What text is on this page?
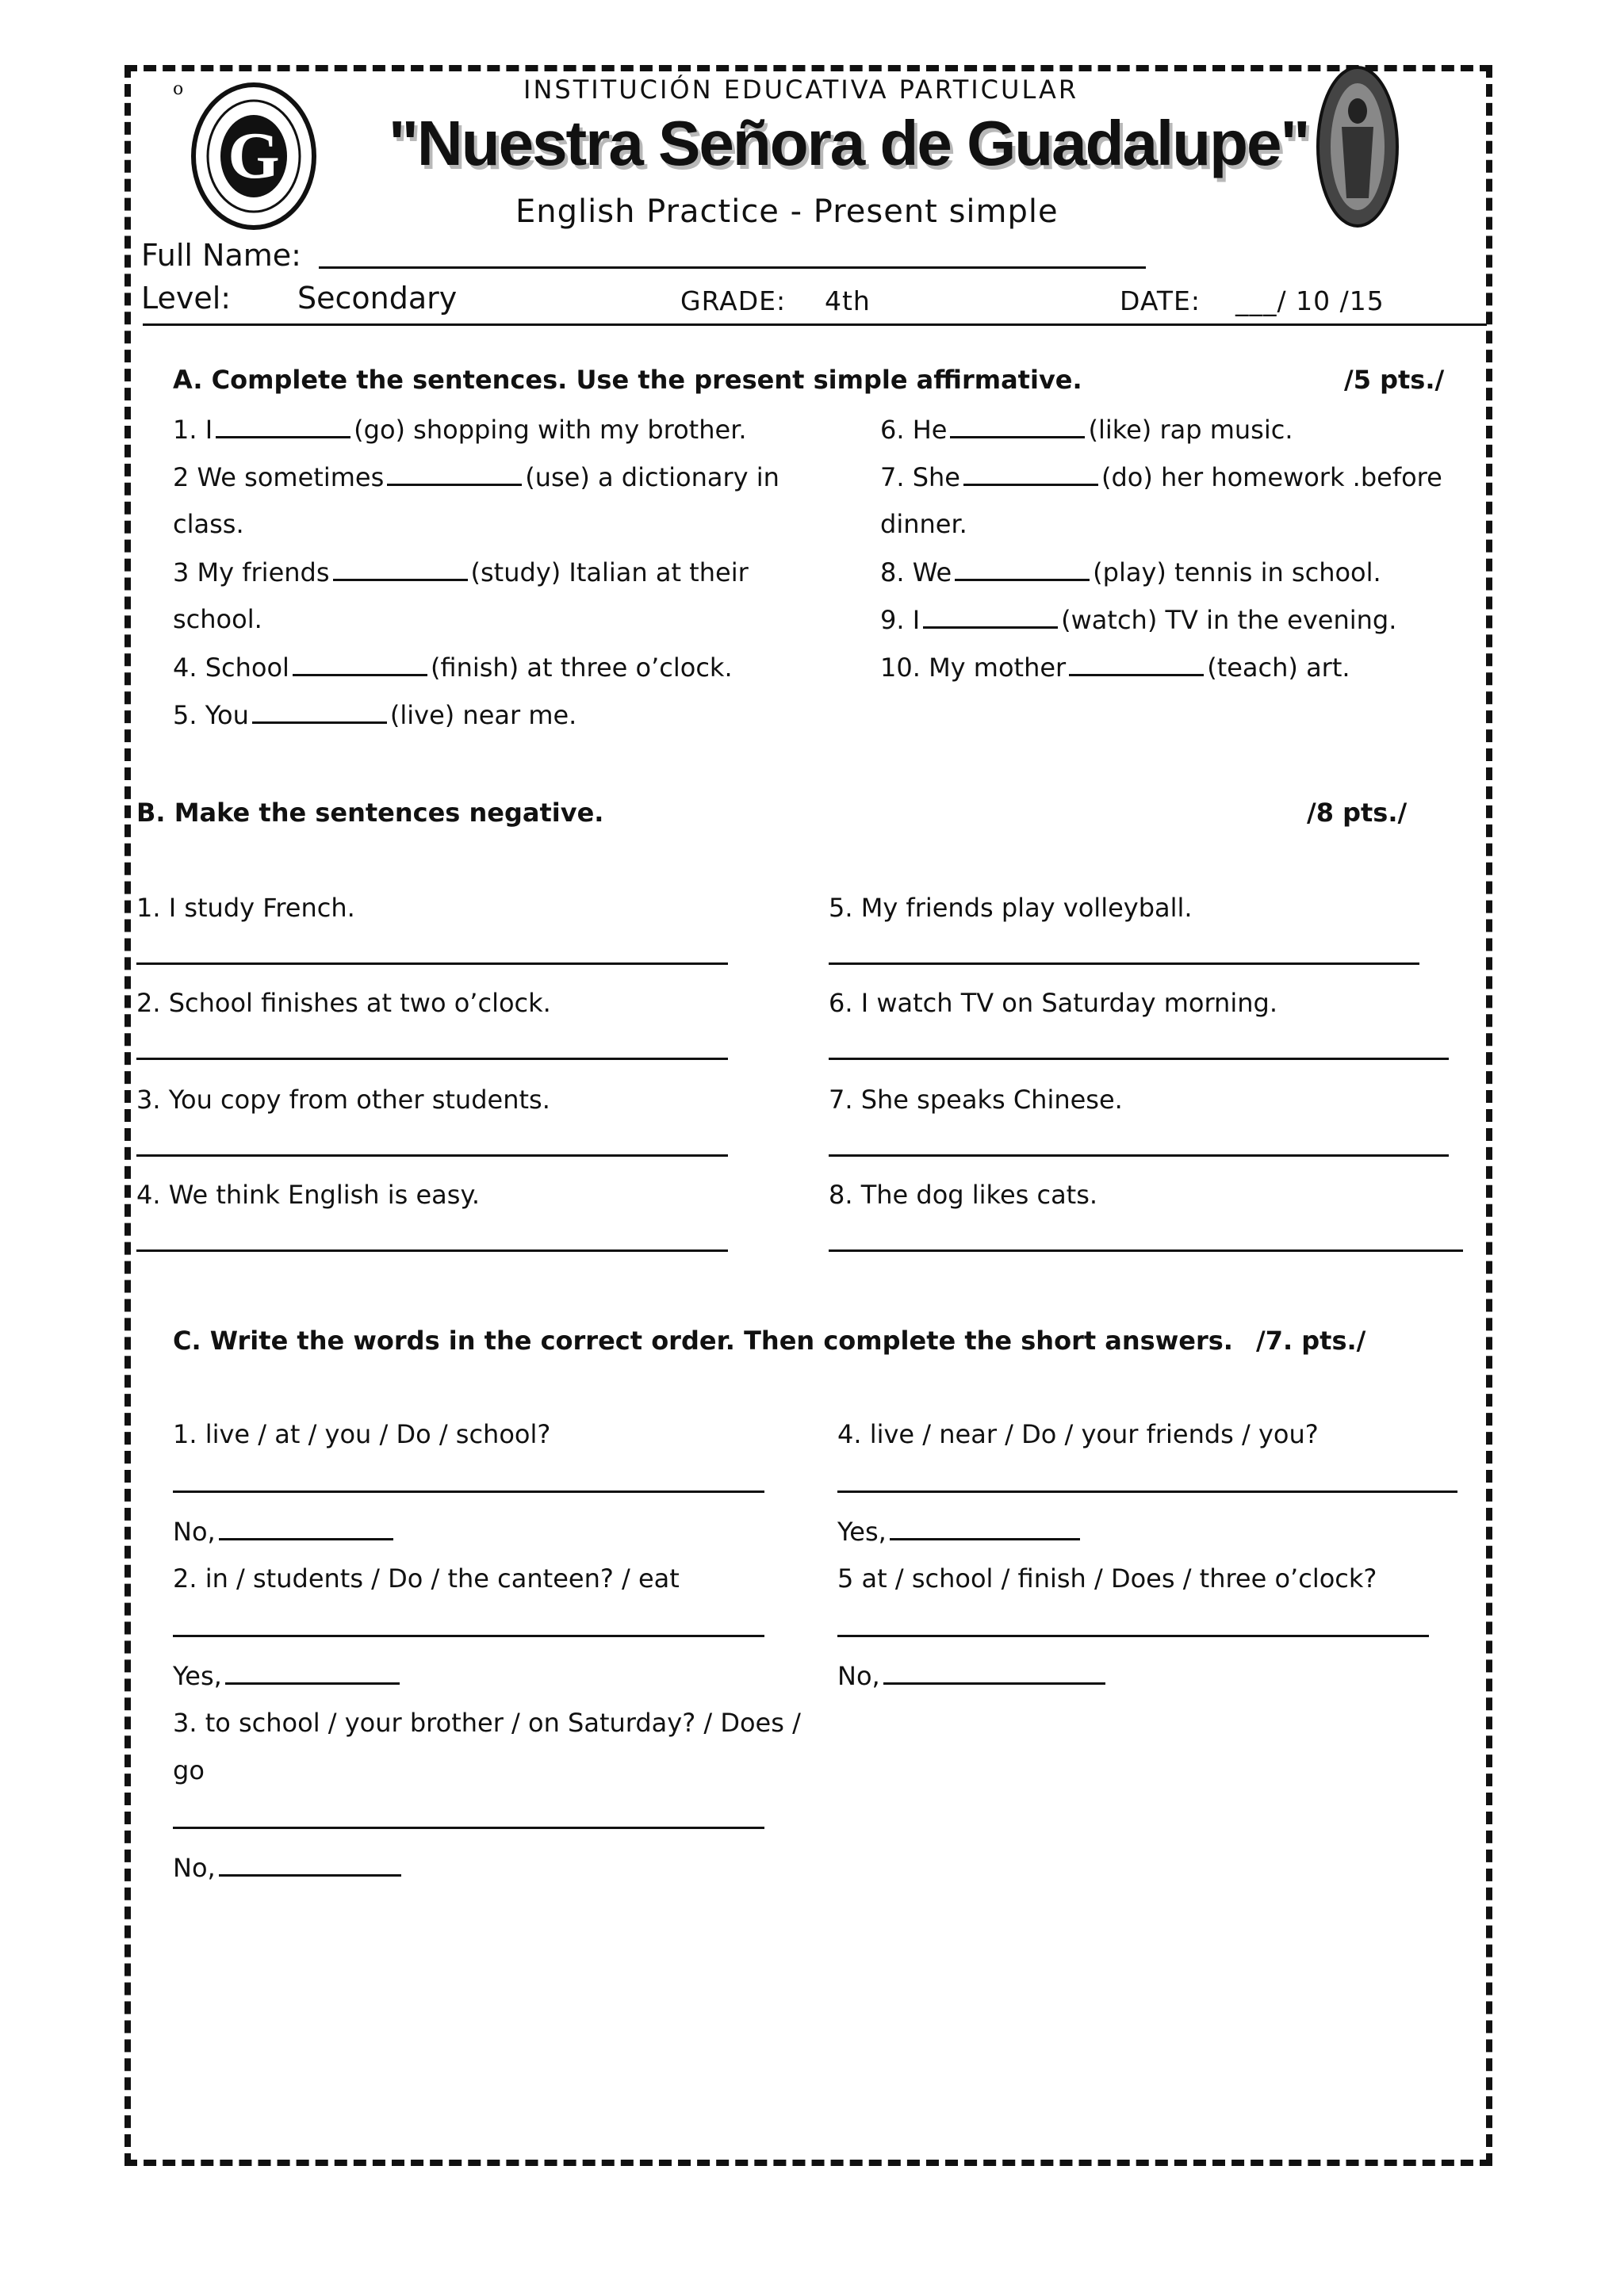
G
o	INSTITUCIÓN EDUCATIVA PARTICULAR
"Nuestra Señora de Guadalupe"
English Practice - Present simple
Full Name:
Level: Secondary	GRADE: 4th	DATE: ___/ 10 /15
A. Complete the sentences. Use the present simple affirmative.	/5 pts./
1. I	(go) shopping with my brother.
2 We sometimes	(use) a dictionary in
class.
3 My friends	(study) Italian at their
school.
4. School	(finish) at three o’clock.
5. You	(live) near me.
6. He	(like) rap music.
7. She	(do) her homework .before
dinner.
8. We	(play) tennis in school.
9. I	(watch) TV in the evening.
10. My mother	(teach) art.
B. Make the sentences negative.	/8 pts./
1. I study French.
2. School finishes at two o’clock.
3. You copy from other students.
4. We think English is easy.
5. My friends play volleyball.
6. I watch TV on Saturday morning.
7. She speaks Chinese.
8. The dog likes cats.
C. Write the words in the correct order. Then complete the short answers. /7. pts./
1. live / at / you / Do / school?
No,
2. in / students / Do / the canteen? / eat
Yes,
3. to school / your brother / on Saturday? / Does /
go
No,
4. live / near / Do / your friends / you?
Yes,
5 at / school / finish / Does / three o’clock?
No,
